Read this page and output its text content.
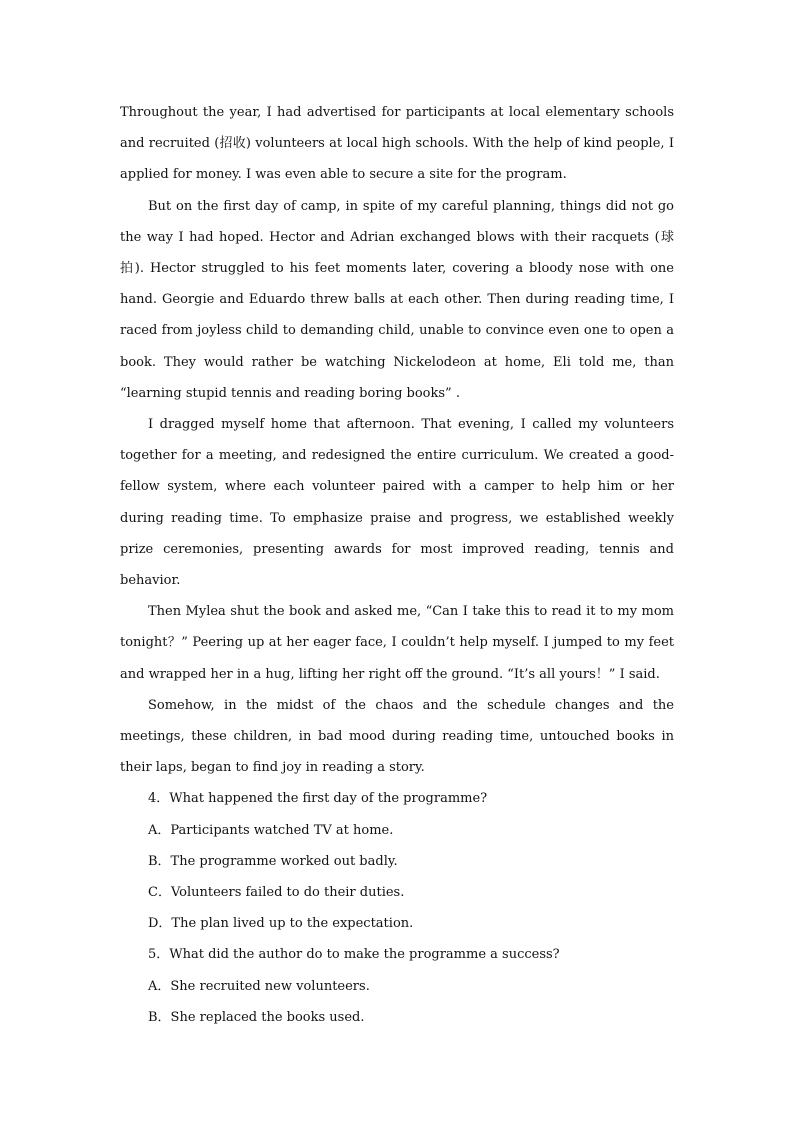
Throughout the year, I had advertised for participants at local elementary schools and recruited (招收) volunteers at local high schools. With the help of kind people, I applied for money. I was even able to secure a site for the program.

But on the first day of camp, in spite of my careful planning, things did not go the way I had hoped. Hector and Adrian exchanged blows with their racquets (球拍). Hector struggled to his feet moments later, covering a bloody nose with one hand. Georgie and Eduardo threw balls at each other. Then during reading time, I raced from joyless child to demanding child, unable to convince even one to open a book. They would rather be watching Nickelodeon at home, Eli told me, than “learning stupid tennis and reading boring books” .

I dragged myself home that afternoon. That evening, I called my volunteers together for a meeting, and redesigned the entire curriculum. We created a good-fellow system, where each volunteer paired with a camper to help him or her during reading time. To emphasize praise and progress, we established weekly prize ceremonies, presenting awards for most improved reading, tennis and behavior.

Then Mylea shut the book and asked me, “Can I take this to read it to my mom tonight？” Peering up at her eager face, I couldn’t help myself. I jumped to my feet and wrapped her in a hug, lifting her right off the ground. “It’s all yours！” I said.

Somehow, in the midst of the chaos and the schedule changes and the meetings, these children, in bad mood during reading time, untouched books in their laps, began to find joy in reading a story.

4．What happened the first day of the programme?

A．Participants watched TV at home.

B．The programme worked out badly.

C．Volunteers failed to do their duties.

D．The plan lived up to the expectation.

5．What did the author do to make the programme a success?

A．She recruited new volunteers.

B．She replaced the books used.
